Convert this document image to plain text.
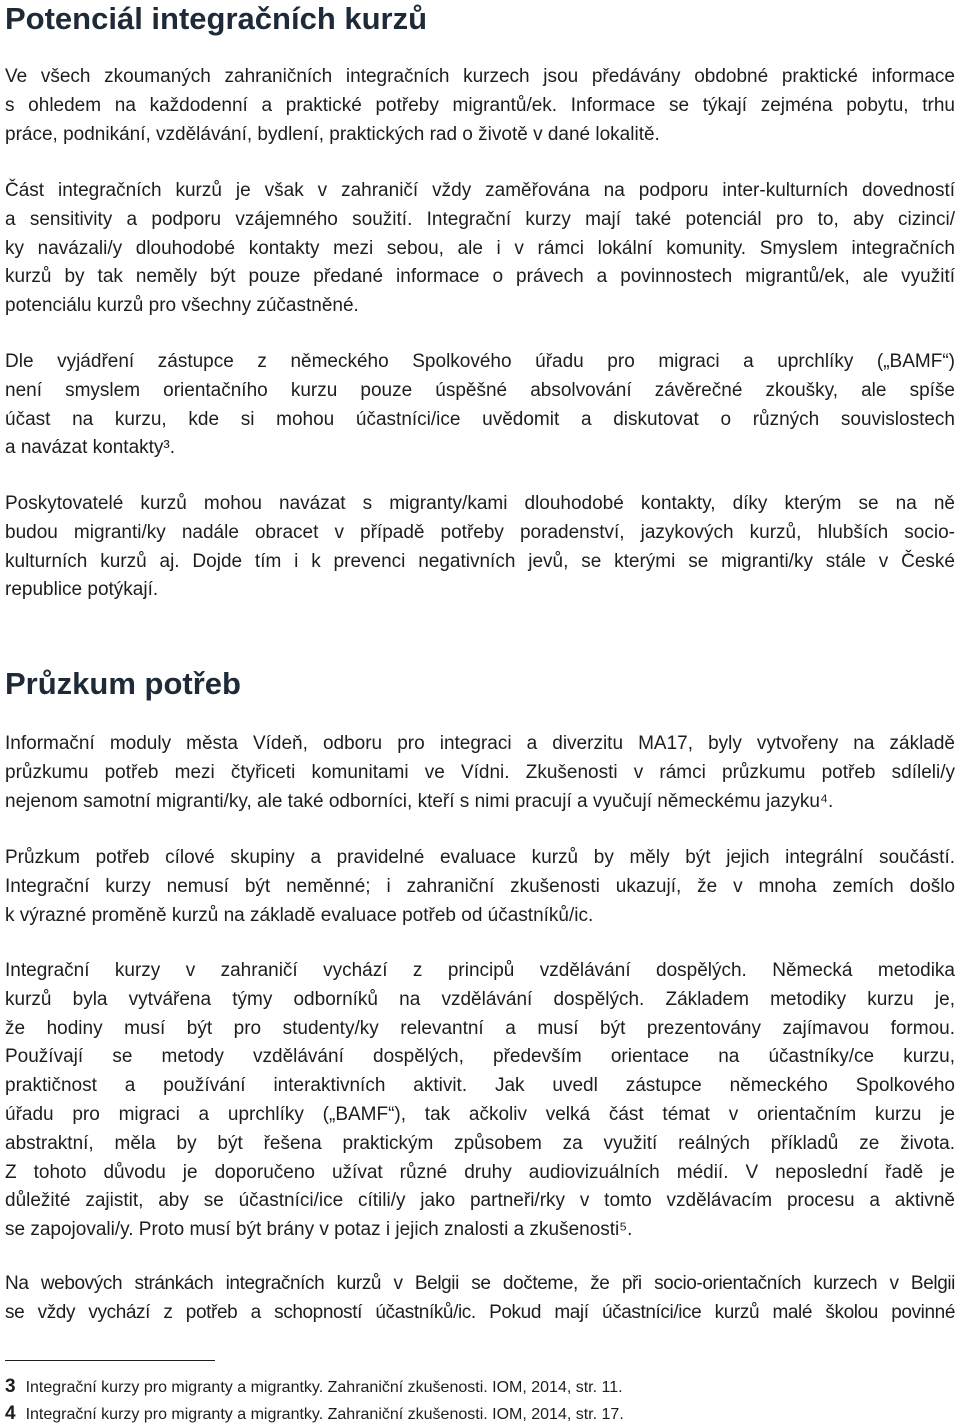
Potenciál integračních kurzů

Ve všech zkoumaných zahraničních integračních kurzech jsou předávány obdobné praktické informace
s ohledem na každodenní a praktické potřeby migrantů/ek. Informace se týkají zejména pobytu, trhu
práce, podnikání, vzdělávání, bydlení, praktických rad o životě v dané lokalitě.

Část integračních kurzů je však v zahraničí vždy zaměřována na podporu inter-kulturních dovedností
a sensitivity a podporu vzájemného soužití. Integrační kurzy mají také potenciál pro to, aby cizinci/
ky navázali/y dlouhodobé kontakty mezi sebou, ale i v rámci lokální komunity. Smyslem integračních
kurzů by tak neměly být pouze předané informace o právech a povinnostech migrantů/ek, ale využití
potenciálu kurzů pro všechny zúčastněné.

Dle vyjádření zástupce z německého Spolkového úřadu pro migraci a uprchlíky („BAMF“)
není smyslem orientačního kurzu pouze úspěšné absolvování závěrečné zkoušky, ale spíše
účast na kurzu, kde si mohou účastníci/ice uvědomit a diskutovat o různých souvislostech
a navázat kontakty³.

Poskytovatelé kurzů mohou navázat s migranty/kami dlouhodobé kontakty, díky kterým se na ně
budou migranti/ky nadále obracet v případě potřeby poradenství, jazykových kurzů, hlubších socio-
kulturních kurzů aj. Dojde tím i k prevenci negativních jevů, se kterými se migranti/ky stále v České
republice potýkají.

Průzkum potřeb

Informační moduly města Vídeň, odboru pro integraci a diverzitu MA17, byly vytvořeny na základě
průzkumu potřeb mezi čtyřiceti komunitami ve Vídni. Zkušenosti v rámci průzkumu potřeb sdíleli/y
nejenom samotní migranti/ky, ale také odborníci, kteří s nimi pracují a vyučují německému jazyku⁴.

Průzkum potřeb cílové skupiny a pravidelné evaluace kurzů by měly být jejich integrální součástí.
Integrační kurzy nemusí být neměnné; i zahraniční zkušenosti ukazují, že v mnoha zemích došlo
k výrazné proměně kurzů na základě evaluace potřeb od účastníků/ic.

Integrační kurzy v zahraničí vychází z principů vzdělávání dospělých. Německá metodika
kurzů byla vytvářena týmy odborníků na vzdělávání dospělých. Základem metodiky kurzu je,
že hodiny musí být pro studenty/ky relevantní a musí být prezentovány zajímavou formou.
Používají se metody vzdělávání dospělých, především orientace na účastníky/ce kurzu,
praktičnost a používání interaktivních aktivit. Jak uvedl zástupce německého Spolkového
úřadu pro migraci a uprchlíky („BAMF“), tak ačkoliv velká část témat v orientačním kurzu je
abstraktní, měla by být řešena praktickým způsobem za využití reálných příkladů ze života.
Z tohoto důvodu je doporučeno užívat různé druhy audiovizuálních médií. V neposlední řadě je
důležité zajistit, aby se účastníci/ice cítili/y jako partneři/rky v tomto vzdělávacím procesu a aktivně
se zapojovali/y. Proto musí být brány v potaz i jejich znalosti a zkušenosti⁵.

Na webových stránkách integračních kurzů v Belgii se dočteme, že při socio-orientačních kurzech v Belgii
se vždy vychází z potřeb a schopností účastníků/ic. Pokud mají účastníci/ice kurzů malé školou povinné

3 Integrační kurzy pro migranty a migrantky. Zahraniční zkušenosti. IOM, 2014, str. 11.
4 Integrační kurzy pro migranty a migrantky. Zahraniční zkušenosti. IOM, 2014, str. 17.
